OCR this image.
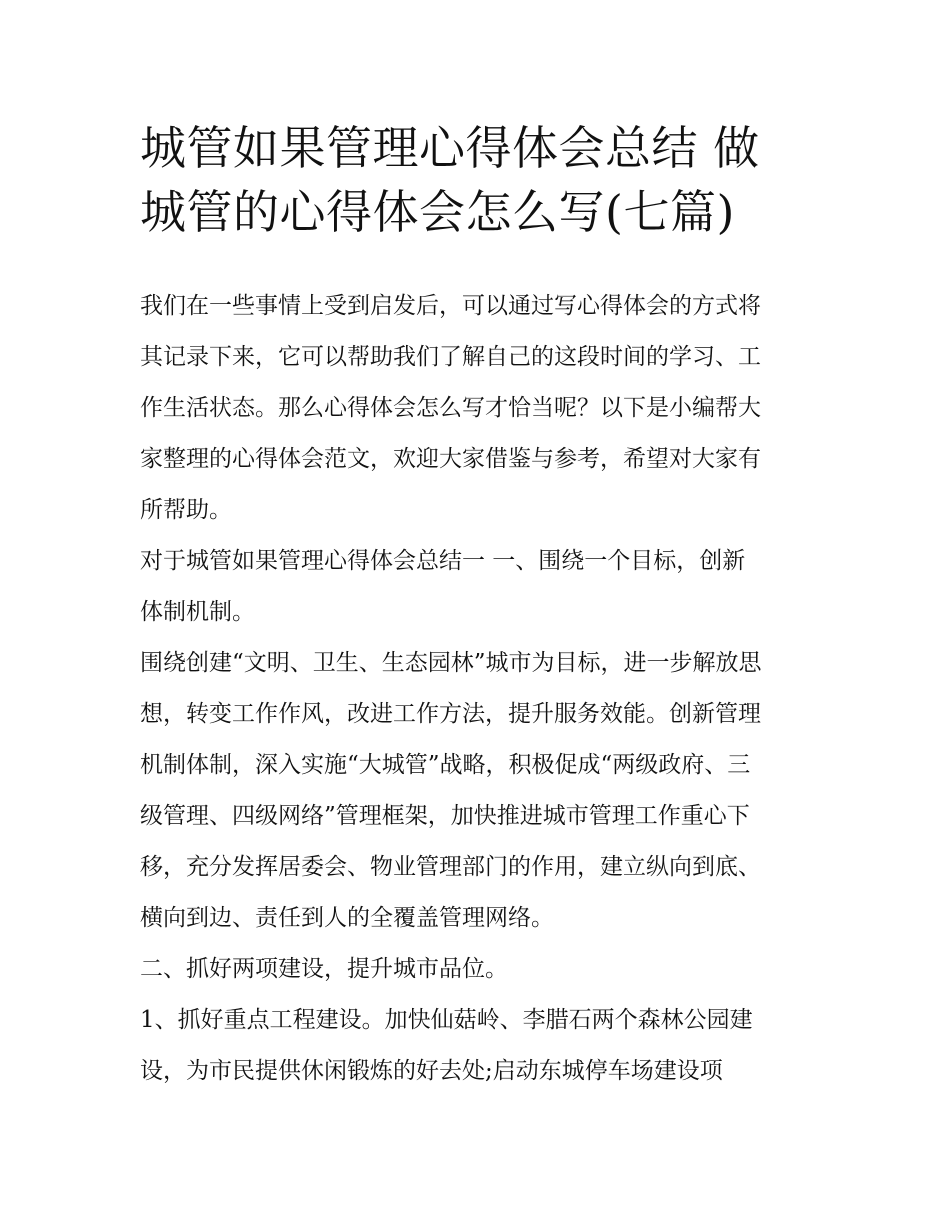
城管如果管理心得体会总结 做
城管的心得体会怎么写(七篇)
我们在一些事情上受到启发后，可以通过写心得体会的方式将
其记录下来，它可以帮助我们了解自己的这段时间的学习、工
作生活状态。那么心得体会怎么写才恰当呢？以下是小编帮大
家整理的心得体会范文，欢迎大家借鉴与参考，希望对大家有
所帮助。
对于城管如果管理心得体会总结一 一、围绕一个目标，创新
体制机制。
围绕创建“文明、卫生、生态园林”城市为目标，进一步解放思
想，转变工作作风，改进工作方法，提升服务效能。创新管理
机制体制，深入实施“大城管”战略，积极促成“两级政府、三
级管理、四级网络”管理框架，加快推进城市管理工作重心下
移，充分发挥居委会、物业管理部门的作用，建立纵向到底、
横向到边、责任到人的全覆盖管理网络。
二、抓好两项建设，提升城市品位。
1、抓好重点工程建设。加快仙菇岭、李腊石两个森林公园建
设，为市民提供休闲锻炼的好去处;启动东城停车场建设项
